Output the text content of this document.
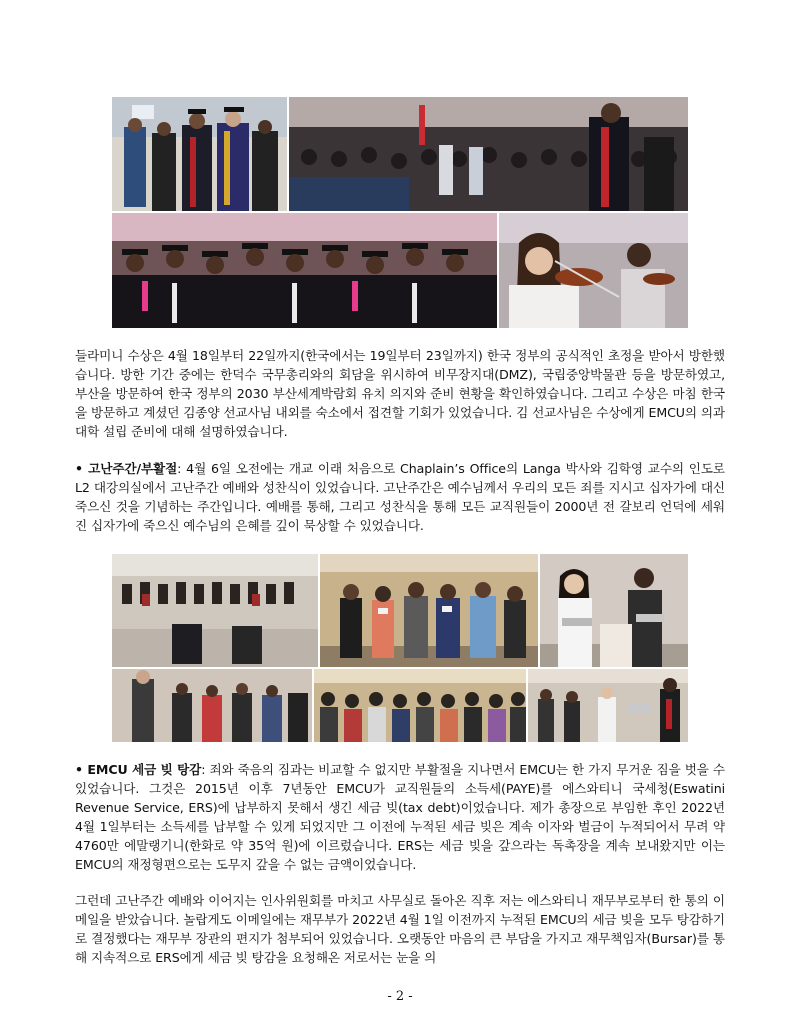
들라미니 수상은 4월 18일부터 22일까지(한국에서는 19일부터 23일까지) 한국 정부의 공식적인 초정을 받아서 방한했습니다. 방한 기간 중에는 한덕수 국무총리와의 회담을 위시하여 비무장지대(DMZ), 국립중앙박물관 등을 방문하였고, 부산을 방문하여 한국 정부의 2030 부산세계박람회 유치 의지와 준비 현황을 확인하였습니다. 그리고 수상은 마침 한국을 방문하고 계셨던 김종양 선교사님 내외를 숙소에서 접견할 기회가 있었습니다. 김 선교사님은 수상에게 EMCU의 의과대학 설립 준비에 대해 설명하였습니다.
• 고난주간/부활절: 4월 6일 오전에는 개교 이래 처음으로 Chaplain’s Office의 Langa 박사와 김학영 교수의 인도로 L2 대강의실에서 고난주간 예배와 성찬식이 있었습니다. 고난주간은 예수님께서 우리의 모든 죄를 지시고 십자가에 대신 죽으신 것을 기념하는 주간입니다. 예배를 통해, 그리고 성찬식을 통해 모든 교직원들이 2000년 전 갈보리 언덕에 세워진 십자가에 죽으신 예수님의 은혜를 깊이 묵상할 수 있었습니다.
• EMCU 세금 빚 탕감: 죄와 죽음의 짐과는 비교할 수 없지만 부활절을 지나면서 EMCU는 한 가지 무거운 짐을 벗을 수 있었습니다. 그것은 2015년 이후 7년동안 EMCU가 교직원들의 소득세(PAYE)를 에스와티니 국세청(Eswatini Revenue Service, ERS)에 납부하지 못해서 생긴 세금 빚(tax debt)이었습니다. 제가 총장으로 부임한 후인 2022년 4월 1일부터는 소득세를 납부할 수 있게 되었지만 그 이전에 누적된 세금 빚은 계속 이자와 벌금이 누적되어서 무려 약 4760만 에말랭기니(한화로 약 35억 원)에 이르렀습니다. ERS는 세금 빚을 갚으라는 독촉장을 계속 보내왔지만 이는 EMCU의 재정형편으로는 도무지 갚을 수 없는 금액이었습니다.
그런데 고난주간 예배와 이어지는 인사위원회를 마치고 사무실로 돌아온 직후 저는 에스와티니 재무부로부터 한 통의 이메일을 받았습니다. 놀랍게도 이메일에는 재무부가 2022년 4월 1일 이전까지 누적된 EMCU의 세금 빚을 모두 탕감하기로 결정했다는 재무부 장관의 편지가 첨부되어 있었습니다. 오랫동안 마음의 큰 부담을 가지고 재무책임자(Bursar)를 통해 지속적으로 ERS에게 세금 빚 탕감을 요청해온 저로서는 눈을 의
- 2 -
